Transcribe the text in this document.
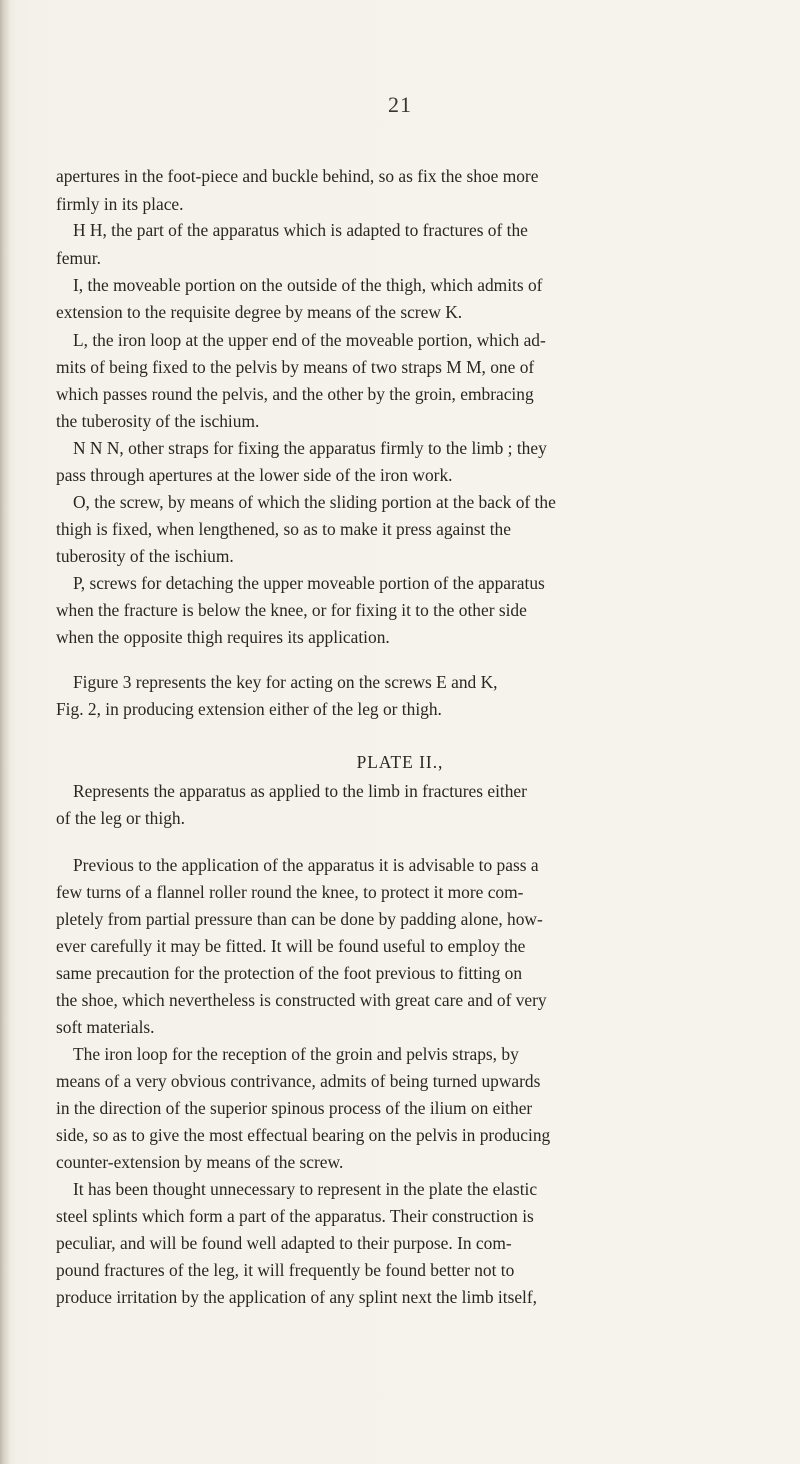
21
apertures in the foot-piece and buckle behind, so as fix the shoe more
firmly in its place.
H H, the part of the apparatus which is adapted to fractures of the
femur.
I, the moveable portion on the outside of the thigh, which admits of
extension to the requisite degree by means of the screw K.
L, the iron loop at the upper end of the moveable portion, which ad-
mits of being fixed to the pelvis by means of two straps M M, one of
which passes round the pelvis, and the other by the groin, embracing
the tuberosity of the ischium.
N N N, other straps for fixing the apparatus firmly to the limb ; they
pass through apertures at the lower side of the iron work.
O, the screw, by means of which the sliding portion at the back of the
thigh is fixed, when lengthened, so as to make it press against the
tuberosity of the ischium.
P, screws for detaching the upper moveable portion of the apparatus
when the fracture is below the knee, or for fixing it to the other side
when the opposite thigh requires its application.
Figure 3 represents the key for acting on the screws E and K,
Fig. 2, in producing extension either of the leg or thigh.
PLATE II.,
Represents the apparatus as applied to the limb in fractures either
of the leg or thigh.
Previous to the application of the apparatus it is advisable to pass a
few turns of a flannel roller round the knee, to protect it more com-
pletely from partial pressure than can be done by padding alone, how-
ever carefully it may be fitted. It will be found useful to employ the
same precaution for the protection of the foot previous to fitting on
the shoe, which nevertheless is constructed with great care and of very
soft materials.
The iron loop for the reception of the groin and pelvis straps, by
means of a very obvious contrivance, admits of being turned upwards
in the direction of the superior spinous process of the ilium on either
side, so as to give the most effectual bearing on the pelvis in producing
counter-extension by means of the screw.
It has been thought unnecessary to represent in the plate the elastic
steel splints which form a part of the apparatus. Their construction is
peculiar, and will be found well adapted to their purpose. In com-
pound fractures of the leg, it will frequently be found better not to
produce irritation by the application of any splint next the limb itself,
